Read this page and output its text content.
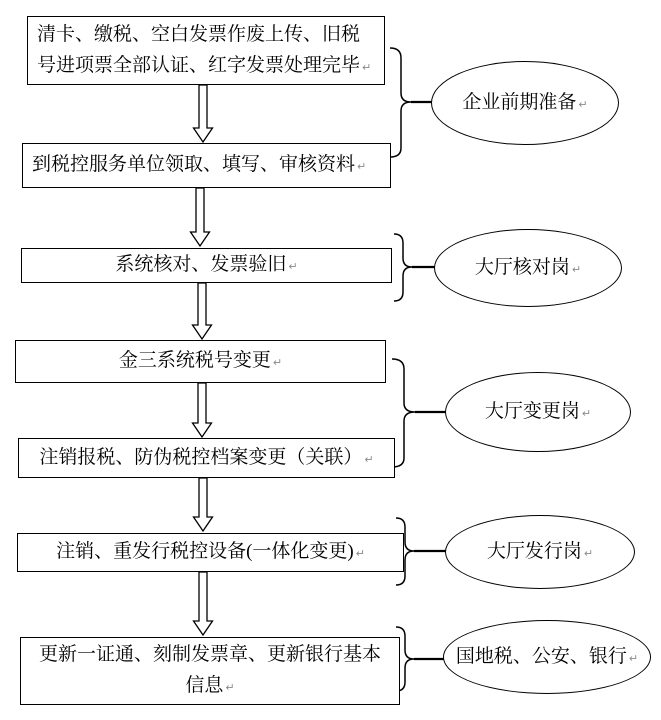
清卡、缴税、空白发票作废上传、旧税号进项票全部认证、红字发票处理完毕 ↵
到税控服务单位领取、填写、审核资料 ↵
系统核对、发票验旧 ↵
金三系统税号变更 ↵
注销报税、防伪税控档案变更（关联） ↵
注销、重发行税控设备(一体化变更) ↵
更新一证通、刻制发票章、更新银行基本信息 ↵
企业前期准备 ↵
大厅核对岗 ↵
大厅变更岗 ↵
大厅发行岗 ↵
国地税、公安、银行 ↵
